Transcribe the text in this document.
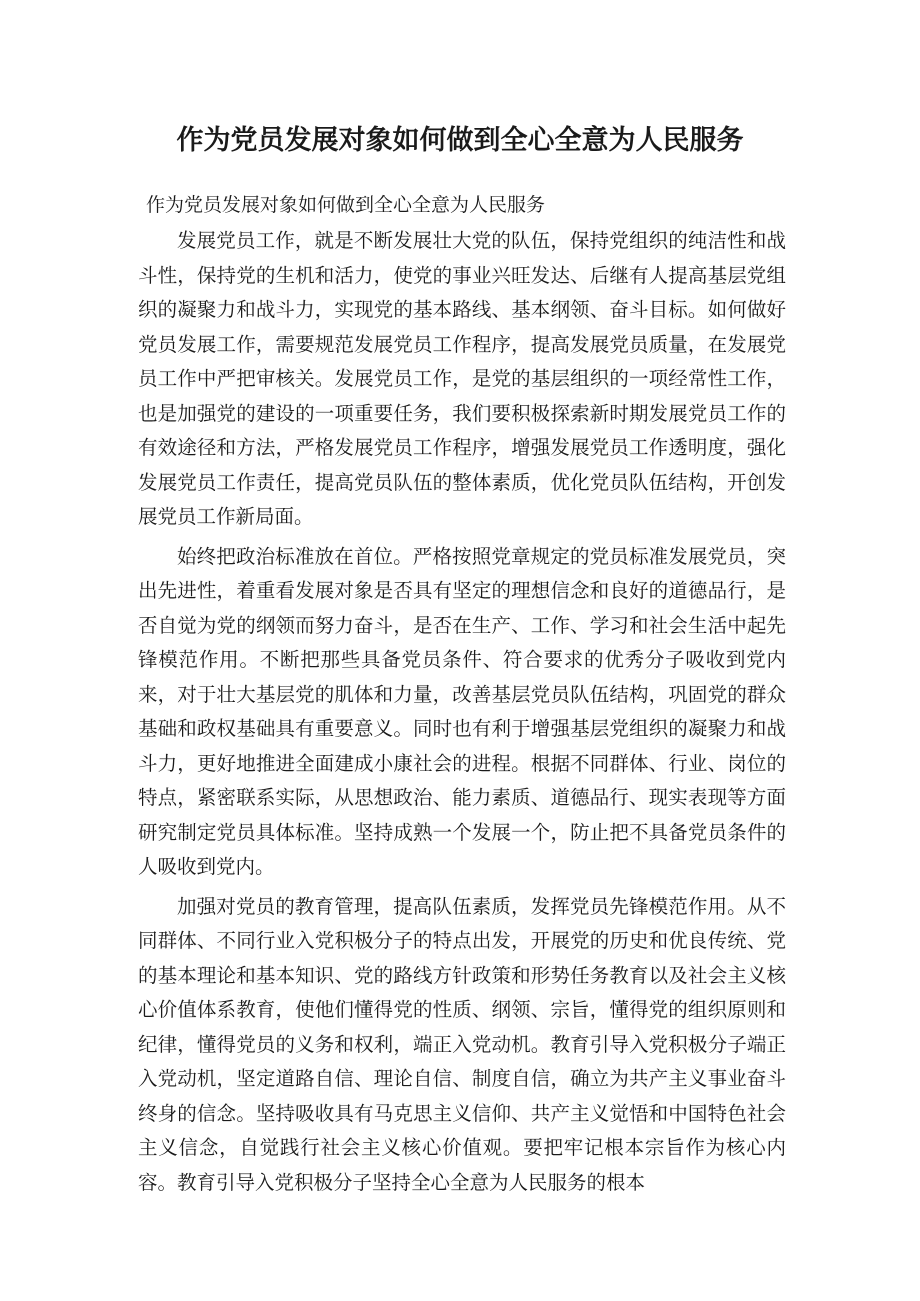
作为党员发展对象如何做到全心全意为人民服务
作为党员发展对象如何做到全心全意为人民服务

发展党员工作，就是不断发展壮大党的队伍，保持党组织的纯洁性和战斗性，保持党的生机和活力，使党的事业兴旺发达、后继有人提高基层党组织的凝聚力和战斗力，实现党的基本路线、基本纲领、奋斗目标。如何做好党员发展工作，需要规范发展党员工作程序，提高发展党员质量，在发展党员工作中严把审核关。发展党员工作，是党的基层组织的一项经常性工作，也是加强党的建设的一项重要任务，我们要积极探索新时期发展党员工作的有效途径和方法，严格发展党员工作程序，增强发展党员工作透明度，强化发展党员工作责任，提高党员队伍的整体素质，优化党员队伍结构，开创发展党员工作新局面。

始终把政治标准放在首位。严格按照党章规定的党员标准发展党员，突出先进性，着重看发展对象是否具有坚定的理想信念和良好的道德品行，是否自觉为党的纲领而努力奋斗，是否在生产、工作、学习和社会生活中起先锋模范作用。不断把那些具备党员条件、符合要求的优秀分子吸收到党内来，对于壮大基层党的肌体和力量，改善基层党员队伍结构，巩固党的群众基础和政权基础具有重要意义。同时也有利于增强基层党组织的凝聚力和战斗力，更好地推进全面建成小康社会的进程。根据不同群体、行业、岗位的特点，紧密联系实际，从思想政治、能力素质、道德品行、现实表现等方面研究制定党员具体标准。坚持成熟一个发展一个，防止把不具备党员条件的人吸收到党内。

加强对党员的教育管理，提高队伍素质，发挥党员先锋模范作用。从不同群体、不同行业入党积极分子的特点出发，开展党的历史和优良传统、党的基本理论和基本知识、党的路线方针政策和形势任务教育以及社会主义核心价值体系教育，使他们懂得党的性质、纲领、宗旨，懂得党的组织原则和纪律，懂得党员的义务和权利，端正入党动机。教育引导入党积极分子端正入党动机，坚定道路自信、理论自信、制度自信，确立为共产主义事业奋斗终身的信念。坚持吸收具有马克思主义信仰、共产主义觉悟和中国特色社会主义信念，自觉践行社会主义核心价值观。要把牢记根本宗旨作为核心内容。教育引导入党积极分子坚持全心全意为人民服务的根本
